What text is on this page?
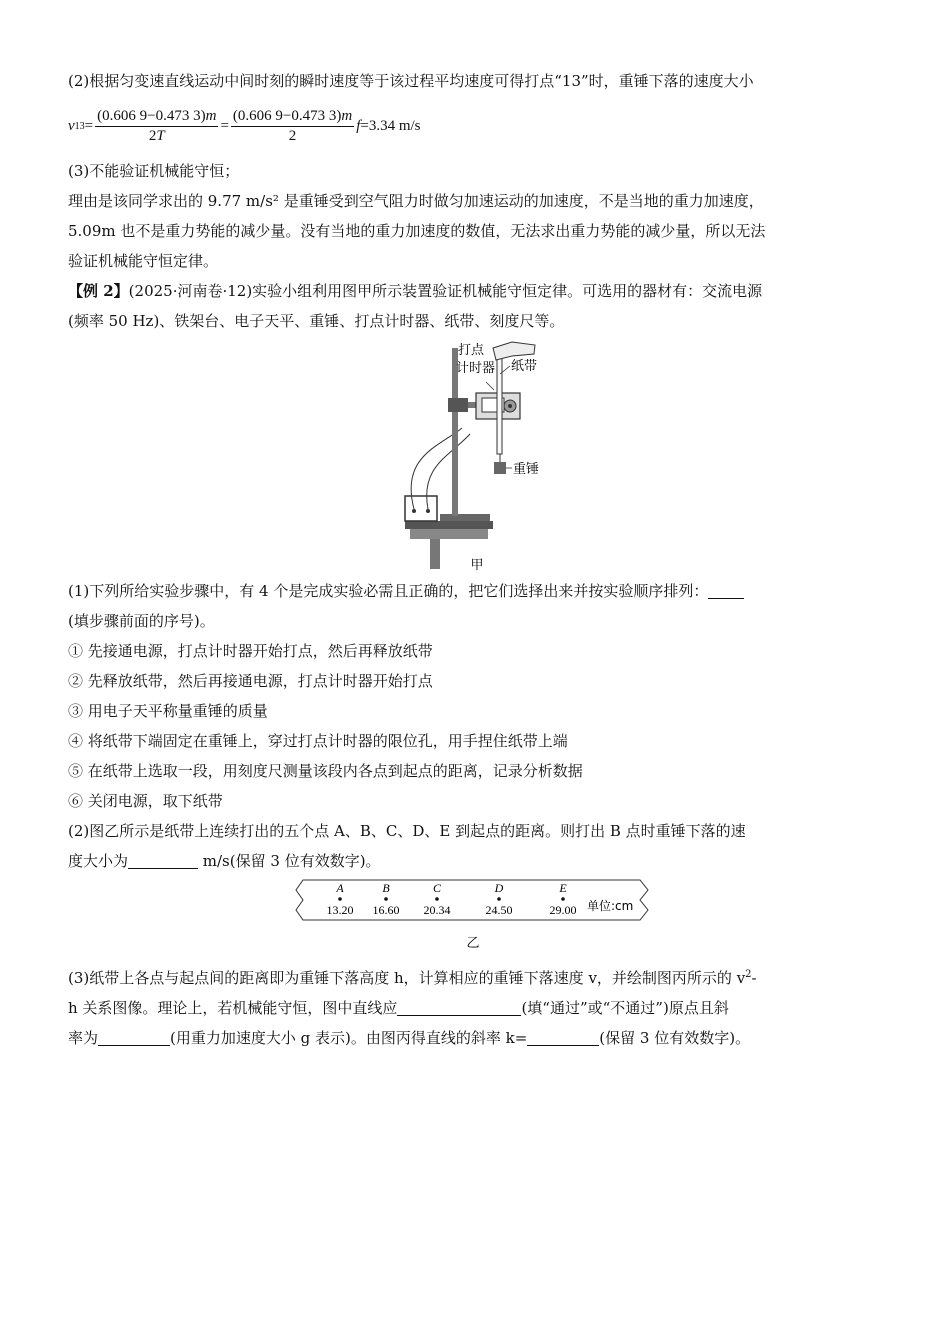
(2)根据匀变速直线运动中间时刻的瞬时速度等于该过程平均速度可得打点“13”时，重锤下落的速度大小

v $13 = \frac{(0.606 9-0.473 3)m}{2T} = \frac{(0.606 9-0.473 3)m}{2}$ f =3.34 m/s

(3)不能验证机械能守恒；

理由是该同学求出的 9.77 m/s² 是重锤受到空气阻力时做匀加速运动的加速度，不是当地的重力加速度，

5.09m 也不是重力势能的减少量。没有当地的重力加速度的数值，无法求出重力势能的减少量，所以无法

验证机械能守恒定律。

【例 2】(2025·河南卷·12)实验小组利用图甲所示装置验证机械能守恒定律。可选用的器材有：交流电源

(频率 50 Hz)、铁架台、电子天平、重锤、打点计时器、纸带、刻度尺等。

打点
计时器 纸带
重锤
甲

(1)下列所给实验步骤中，有 4 个是完成实验必需且正确的，把它们选择出来并按实验顺序排列：

(填步骤前面的序号)。

① 先接通电源，打点计时器开始打点，然后再释放纸带

② 先释放纸带，然后再接通电源，打点计时器开始打点

③ 用电子天平称量重锤的质量

④ 将纸带下端固定在重锤上，穿过打点计时器的限位孔，用手捏住纸带上端

⑤ 在纸带上选取一段，用刻度尺测量该段内各点到起点的距离，记录分析数据

⑥ 关闭电源，取下纸带

(2)图乙所示是纸带上连续打出的五个点 A、B、C、D、E 到起点的距离。则打出 B 点时重锤下落的速

度大小为	m/s(保留 3 位有效数字)。

A
13.20
B
16.60
C
20.34
D
24.50
E
29.00 单位:cm
乙

(3)纸带上各点与起点间的距离即为重锤下落高度 h，计算相应的重锤下落速度 v，并绘制图丙所示的 $v^2-$

h 关系图像。理论上，若机械能守恒，图中直线应	(填“通过”或“不通过”)原点且斜

率为	(用重力加速度大小 g 表示)。由图丙得直线的斜率 k=	(保留 3 位有效数字)。
